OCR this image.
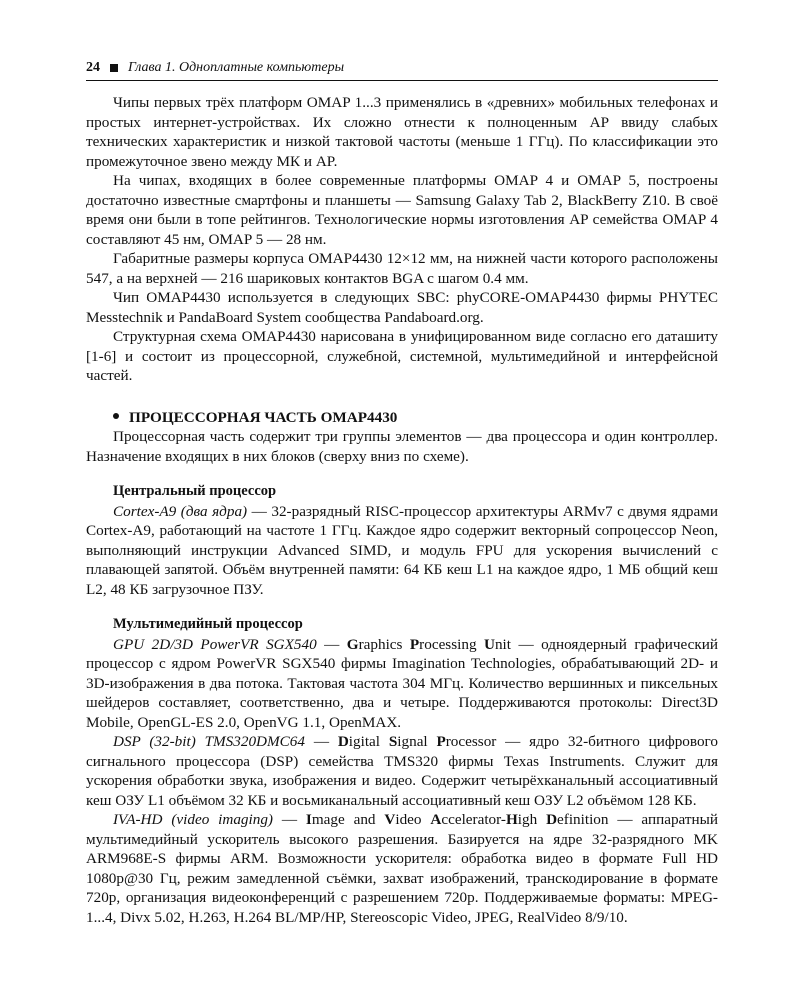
24 Глава 1. Одноплатные компьютеры

Чипы первых трёх платформ OMAP 1...3 применялись в «древних» мобильных телефонах и простых интернет-устройствах. Их сложно отнести к полноценным AP ввиду слабых технических характеристик и низкой тактовой частоты (меньше 1 ГГц). По классификации это промежуточное звено между МК и AP.

На чипах, входящих в более современные платформы OMAP 4 и OMAP 5, построены достаточно известные смартфоны и планшеты — Samsung Galaxy Tab 2, BlackBerry Z10. В своё время они были в топе рейтингов. Технологические нормы изготовления AP семейства OMAP 4 составляют 45 нм, OMAP 5 — 28 нм.

Габаритные размеры корпуса OMAP4430 12×12 мм, на нижней части которого расположены 547, а на верхней — 216 шариковых контактов BGA с шагом 0.4 мм.

Чип OMAP4430 используется в следующих SBC: phyCORE-OMAP4430 фирмы PHYTEC Messtechnik и PandaBoard System сообщества Pandaboard.org.

Структурная схема OMAP4430 нарисована в унифицированном виде согласно его даташиту [1-6] и состоит из процессорной, служебной, системной, мультимедийной и интерфейсной частей.

ПРОЦЕССОРНАЯ ЧАСТЬ OMAP4430

Процессорная часть содержит три группы элементов — два процессора и один контроллер. Назначение входящих в них блоков (сверху вниз по схеме).

Центральный процессор

Cortex-A9 (два ядра) — 32-разрядный RISC-процессор архитектуры ARMv7 с двумя ядрами Cortex-A9, работающий на частоте 1 ГГц. Каждое ядро содержит векторный сопроцессор Neon, выполняющий инструкции Advanced SIMD, и модуль FPU для ускорения вычислений с плавающей запятой. Объём внутренней памяти: 64 КБ кеш L1 на каждое ядро, 1 МБ общий кеш L2, 48 КБ загрузочное ПЗУ.

Мультимедийный процессор

GPU 2D/3D PowerVR SGX540 — Graphics Processing Unit — одноядерный графический процессор с ядром PowerVR SGX540 фирмы Imagination Technologies, обрабатывающий 2D- и 3D-изображения в два потока. Тактовая частота 304 МГц. Количество вершинных и пиксельных шейдеров составляет, соответственно, два и четыре. Поддерживаются протоколы: Direct3D Mobile, OpenGL-ES 2.0, OpenVG 1.1, OpenMAX.

DSP (32-bit) TMS320DMC64 — Digital Signal Processor — ядро 32-битного цифрового сигнального процессора (DSP) семейства TMS320 фирмы Texas Instruments. Служит для ускорения обработки звука, изображения и видео. Содержит четырёхканальный ассоциативный кеш ОЗУ L1 объёмом 32 КБ и восьмиканальный ассоциативный кеш ОЗУ L2 объёмом 128 КБ.

IVA-HD (video imaging) — Image and Video Accelerator-High Definition — аппаратный мультимедийный ускоритель высокого разрешения. Базируется на ядре 32-разрядного MK ARM968E-S фирмы ARM. Возможности ускорителя: обработка видео в формате Full HD 1080p@30 Гц, режим замедленной съёмки, захват изображений, транскодирование в формате 720p, организация видеоконференций с разрешением 720p. Поддерживаемые форматы: MPEG-1...4, Divx 5.02, H.263, H.264 BL/MP/HP, Stereoscopic Video, JPEG, RealVideo 8/9/10.
